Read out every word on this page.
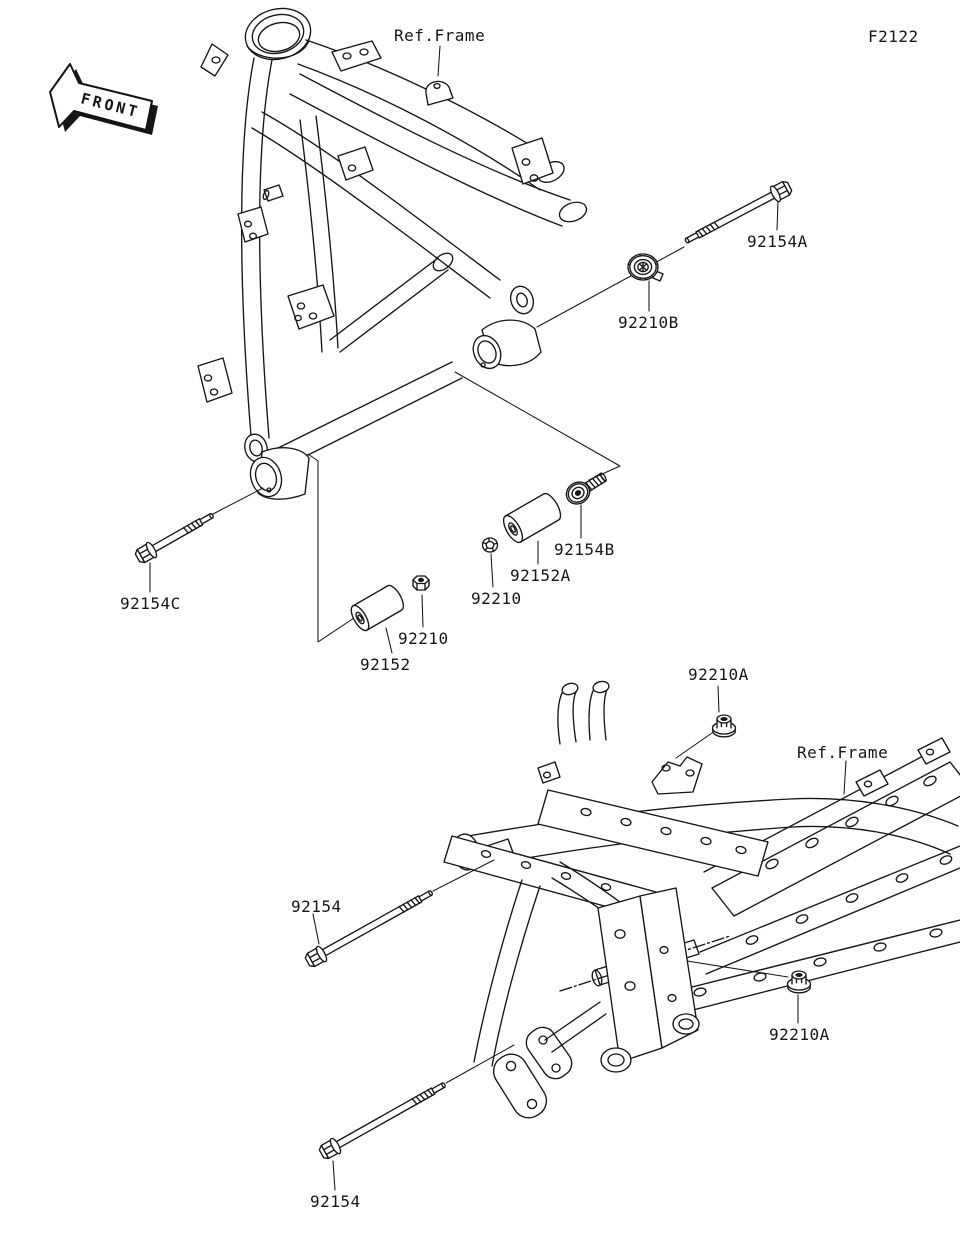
FRONT
Ref.Frame	F2122
92154A
92210B
92154B
92152A
92210
92210
92152
92154C
92210A
Ref.Frame
92154
92210A
92154
